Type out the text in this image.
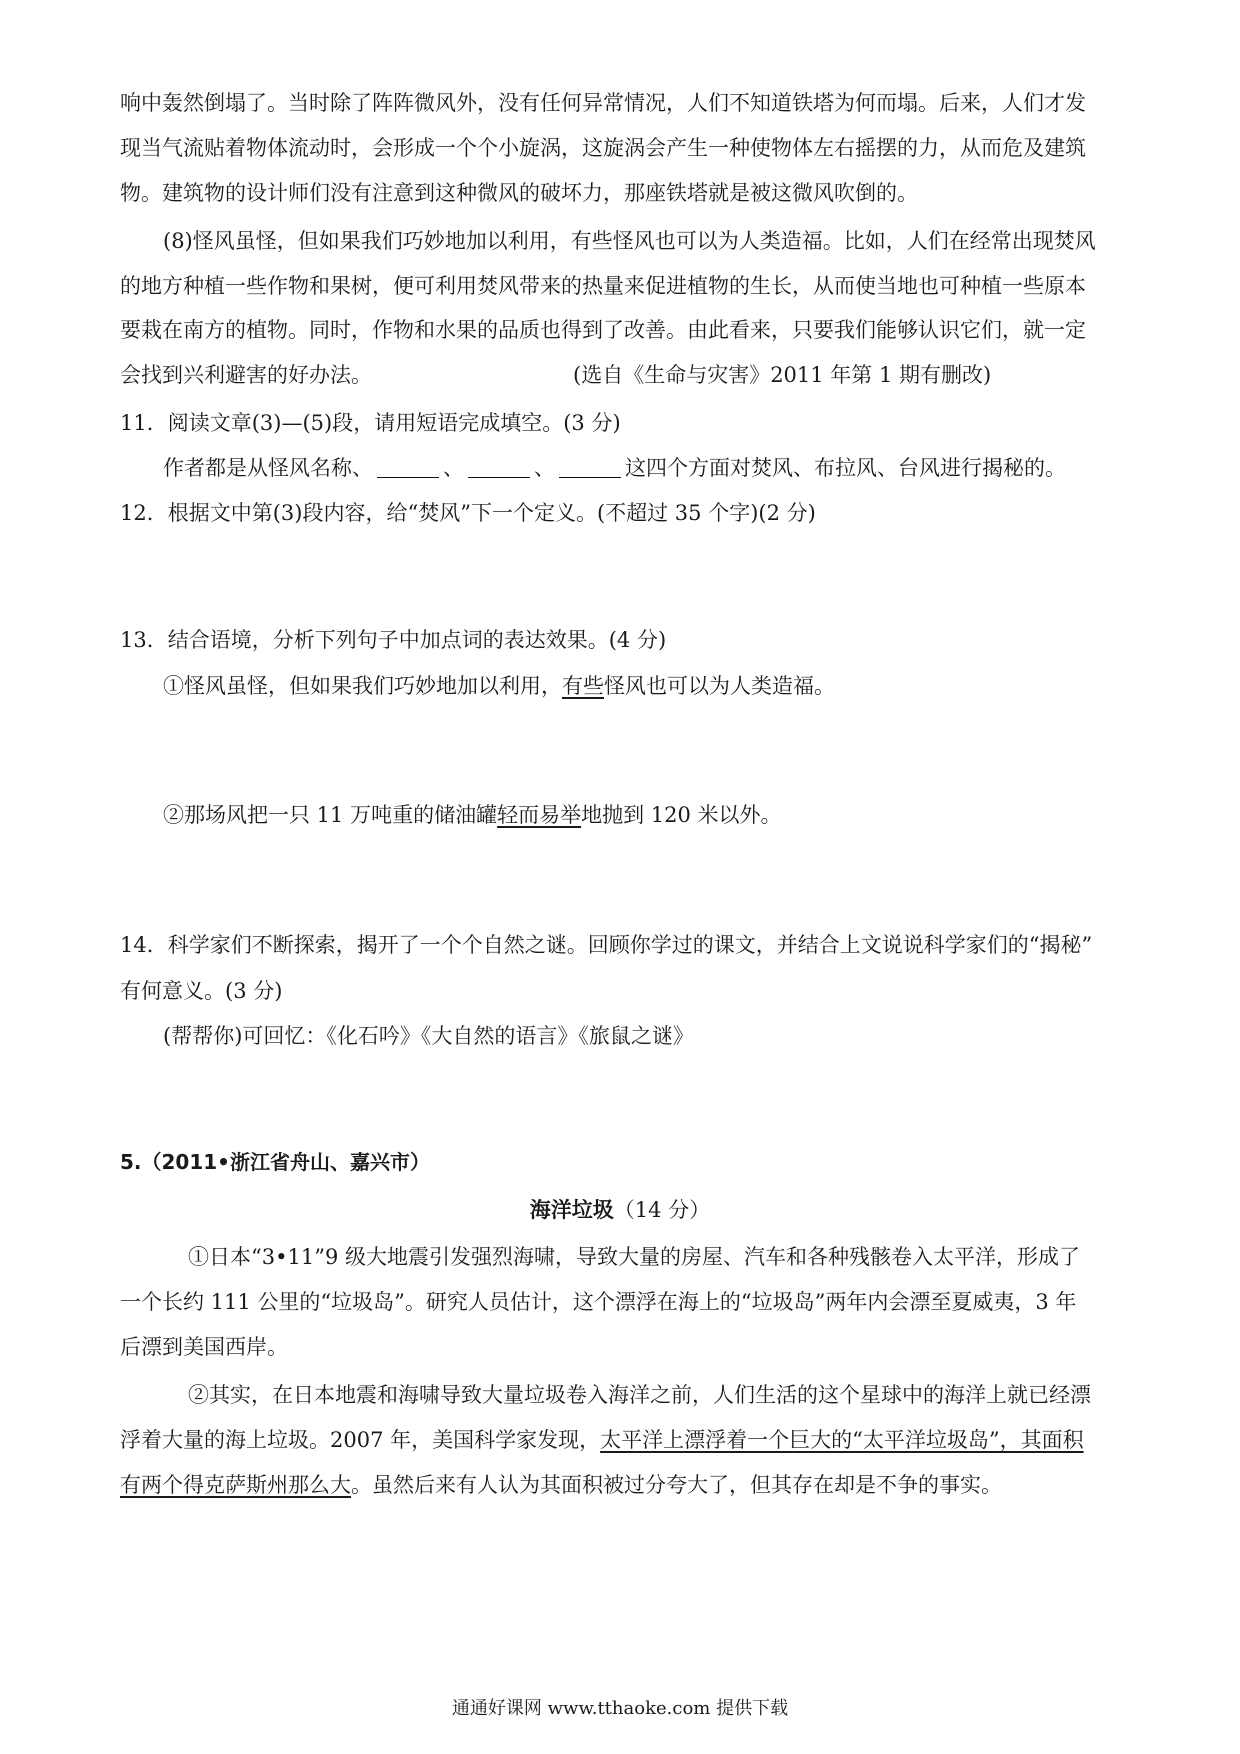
响中轰然倒塌了。当时除了阵阵微风外，没有任何异常情况，人们不知道铁塔为何而塌。后来，人们才发
现当气流贴着物体流动时，会形成一个个小旋涡，这旋涡会产生一种使物体左右摇摆的力，从而危及建筑
物。建筑物的设计师们没有注意到这种微风的破坏力，那座铁塔就是被这微风吹倒的。
(8)怪风虽怪，但如果我们巧妙地加以利用，有些怪风也可以为人类造福。比如，人们在经常出现焚风
的地方种植一些作物和果树，便可利用焚风带来的热量来促进植物的生长，从而使当地也可种植一些原本
要栽在南方的植物。同时，作物和水果的品质也得到了改善。由此看来，只要我们能够认识它们，就一定
会找到兴利避害的好办法。	(选自《生命与灾害》2011 年第 1 期有删改)
11．阅读文章(3)—(5)段，请用短语完成填空。(3 分)
作者都是从怪风名称、	、	、	这四个方面对焚风、布拉风、台风进行揭秘的。
12．根据文中第(3)段内容，给“焚风”下一个定义。(不超过 35 个字)(2 分)
13．结合语境，分析下列句子中加点词的表达效果。(4 分)
①怪风虽怪，但如果我们巧妙地加以利用，有些怪风也可以为人类造福。
②那场风把一只 11 万吨重的储油罐轻而易举地抛到 120 米以外。
14．科学家们不断探索，揭开了一个个自然之谜。回顾你学过的课文，并结合上文说说科学家们的“揭秘”
有何意义。(3 分)
(帮帮你)可回忆：《化石吟》《大自然的语言》《旅鼠之谜》
5.（2011•浙江省舟山、嘉兴市）
海洋垃圾（14 分）
①日本“3•11”9 级大地震引发强烈海啸，导致大量的房屋、汽车和各种残骸卷入太平洋，形成了
一个长约 111 公里的“垃圾岛”。研究人员估计，这个漂浮在海上的“垃圾岛”两年内会漂至夏威夷，3 年
后漂到美国西岸。
②其实，在日本地震和海啸导致大量垃圾卷入海洋之前，人们生活的这个星球中的海洋上就已经漂
浮着大量的海上垃圾。2007 年，美国科学家发现，太平洋上漂浮着一个巨大的“太平洋垃圾岛”，其面积
有两个得克萨斯州那么大。虽然后来有人认为其面积被过分夸大了，但其存在却是不争的事实。
通通好课网 www.tthaoke.com 提供下载
